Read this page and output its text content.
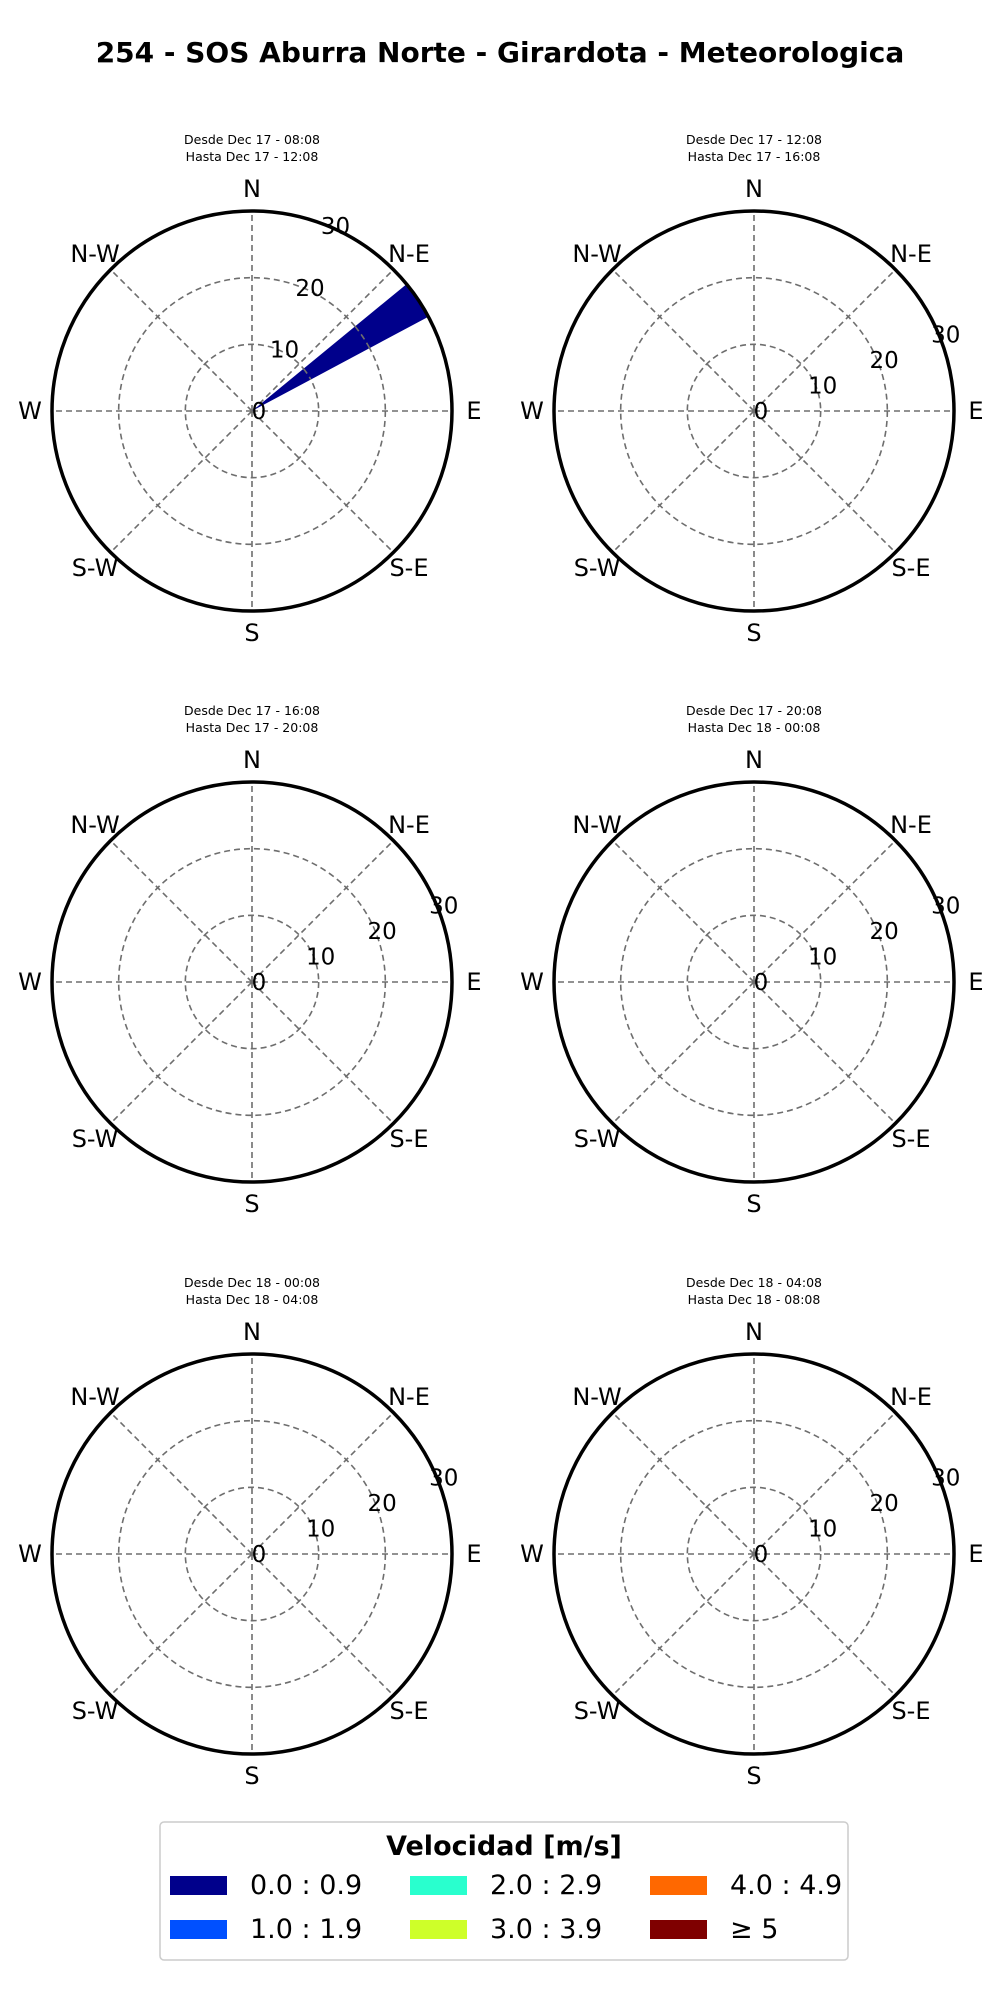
254 - SOS Aburra Norte - Girardota - Meteorologica
Desde Dec 17 - 08:08
Hasta Dec 17 - 12:08
N
N-E
E
S-E
S
S-W
W
N-W
0
10
20
30
Desde Dec 17 - 12:08
Hasta Dec 17 - 16:08
N
N-E
E
S-E
S
S-W
W
N-W
0
10
20
30
Desde Dec 17 - 16:08
Hasta Dec 17 - 20:08
N
N-E
E
S-E
S
S-W
W
N-W
0
10
20
30
Desde Dec 17 - 20:08
Hasta Dec 18 - 00:08
N
N-E
E
S-E
S
S-W
W
N-W
0
10
20
30
Desde Dec 18 - 00:08
Hasta Dec 18 - 04:08
N
N-E
E
S-E
S
S-W
W
N-W
0
10
20
30
Desde Dec 18 - 04:08
Hasta Dec 18 - 08:08
N
N-E
E
S-E
S
S-W
W
N-W
0
10
20
30
Velocidad [m/s]
0.0 : 0.9
1.0 : 1.9
2.0 : 2.9
3.0 : 3.9
4.0 : 4.9
≥ 5
